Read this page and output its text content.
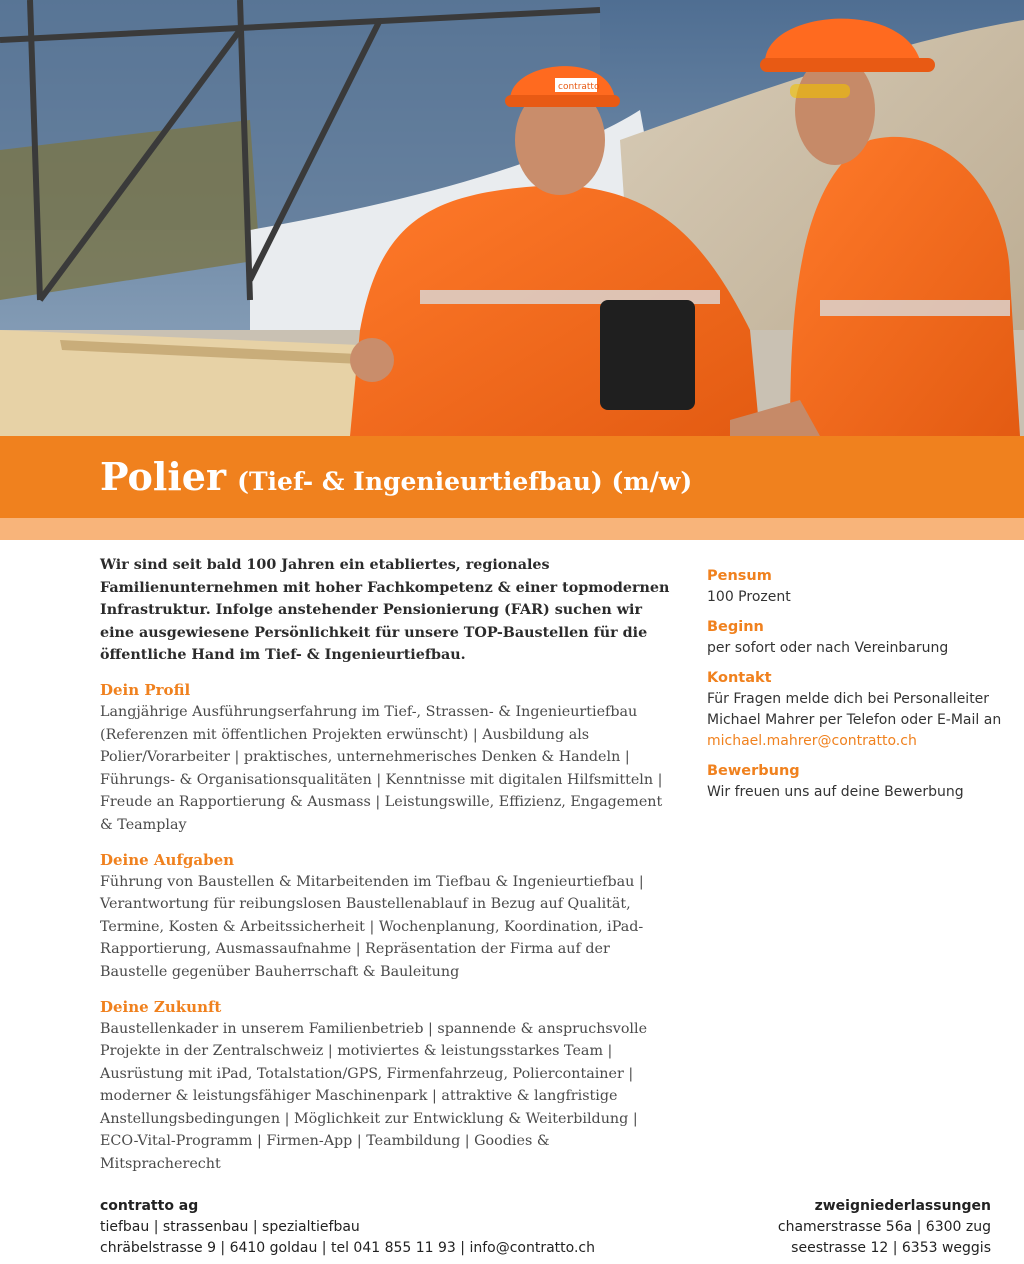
contratto
Polier (Tief- & Ingenieurtiefbau) (m/w)

Wir sind seit bald 100 Jahren ein etabliertes, regionales Familienunternehmen mit hoher Fachkompetenz & einer topmodernen Infrastruktur. Infolge anstehender Pensionierung (FAR) suchen wir eine ausgewiesene Persönlichkeit für unsere TOP-Baustellen für die öffentliche Hand im Tief- & Ingenieurtiefbau.

Dein Profil

Langjährige Ausführungserfahrung im Tief-, Strassen- & Ingenieurtiefbau (Referenzen mit öffentlichen Projekten erwünscht) | Ausbildung als Polier/Vorarbeiter | praktisches, unternehmerisches Denken & Handeln | Führungs- & Organisationsqualitäten | Kenntnisse mit digitalen Hilfsmitteln | Freude an Rapportierung & Ausmass | Leistungswille, Effizienz, Engagement & Teamplay

Deine Aufgaben

Führung von Baustellen & Mitarbeitenden im Tiefbau & Ingenieurtiefbau | Verantwortung für reibungslosen Baustellenablauf in Bezug auf Qualität, Termine, Kosten & Arbeitssicherheit | Wochenplanung, Koordination, iPad-Rapportierung, Ausmassaufnahme | Repräsentation der Firma auf der Baustelle gegenüber Bauherrschaft & Bauleitung

Deine Zukunft

Baustellenkader in unserem Familienbetrieb | spannende & anspruchsvolle Projekte in der Zentralschweiz | motiviertes & leistungsstarkes Team | Ausrüstung mit iPad, Totalstation/GPS, Firmenfahrzeug, Poliercontainer | moderner & leistungsfähiger Maschinenpark | attraktive & langfristige Anstellungsbedingungen | Möglichkeit zur Entwicklung & Weiterbildung | ECO-Vital-Programm | Firmen-App | Teambildung | Goodies & Mitspracherecht

Pensum

100 Prozent

Beginn

per sofort oder nach Vereinbarung

Kontakt

Für Fragen melde dich bei Personalleiter Michael Mahrer per Telefon oder E-Mail an
michael.mahrer@contratto.ch

Bewerbung

Wir freuen uns auf deine Bewerbung

contratto ag

tiefbau | strassenbau | spezialtiefbau

chräbelstrasse 9 | 6410 goldau | tel 041 855 11 93 | info@contratto.ch

zweigniederlassungen

chamerstrasse 56a | 6300 zug

seestrasse 12 | 6353 weggis
